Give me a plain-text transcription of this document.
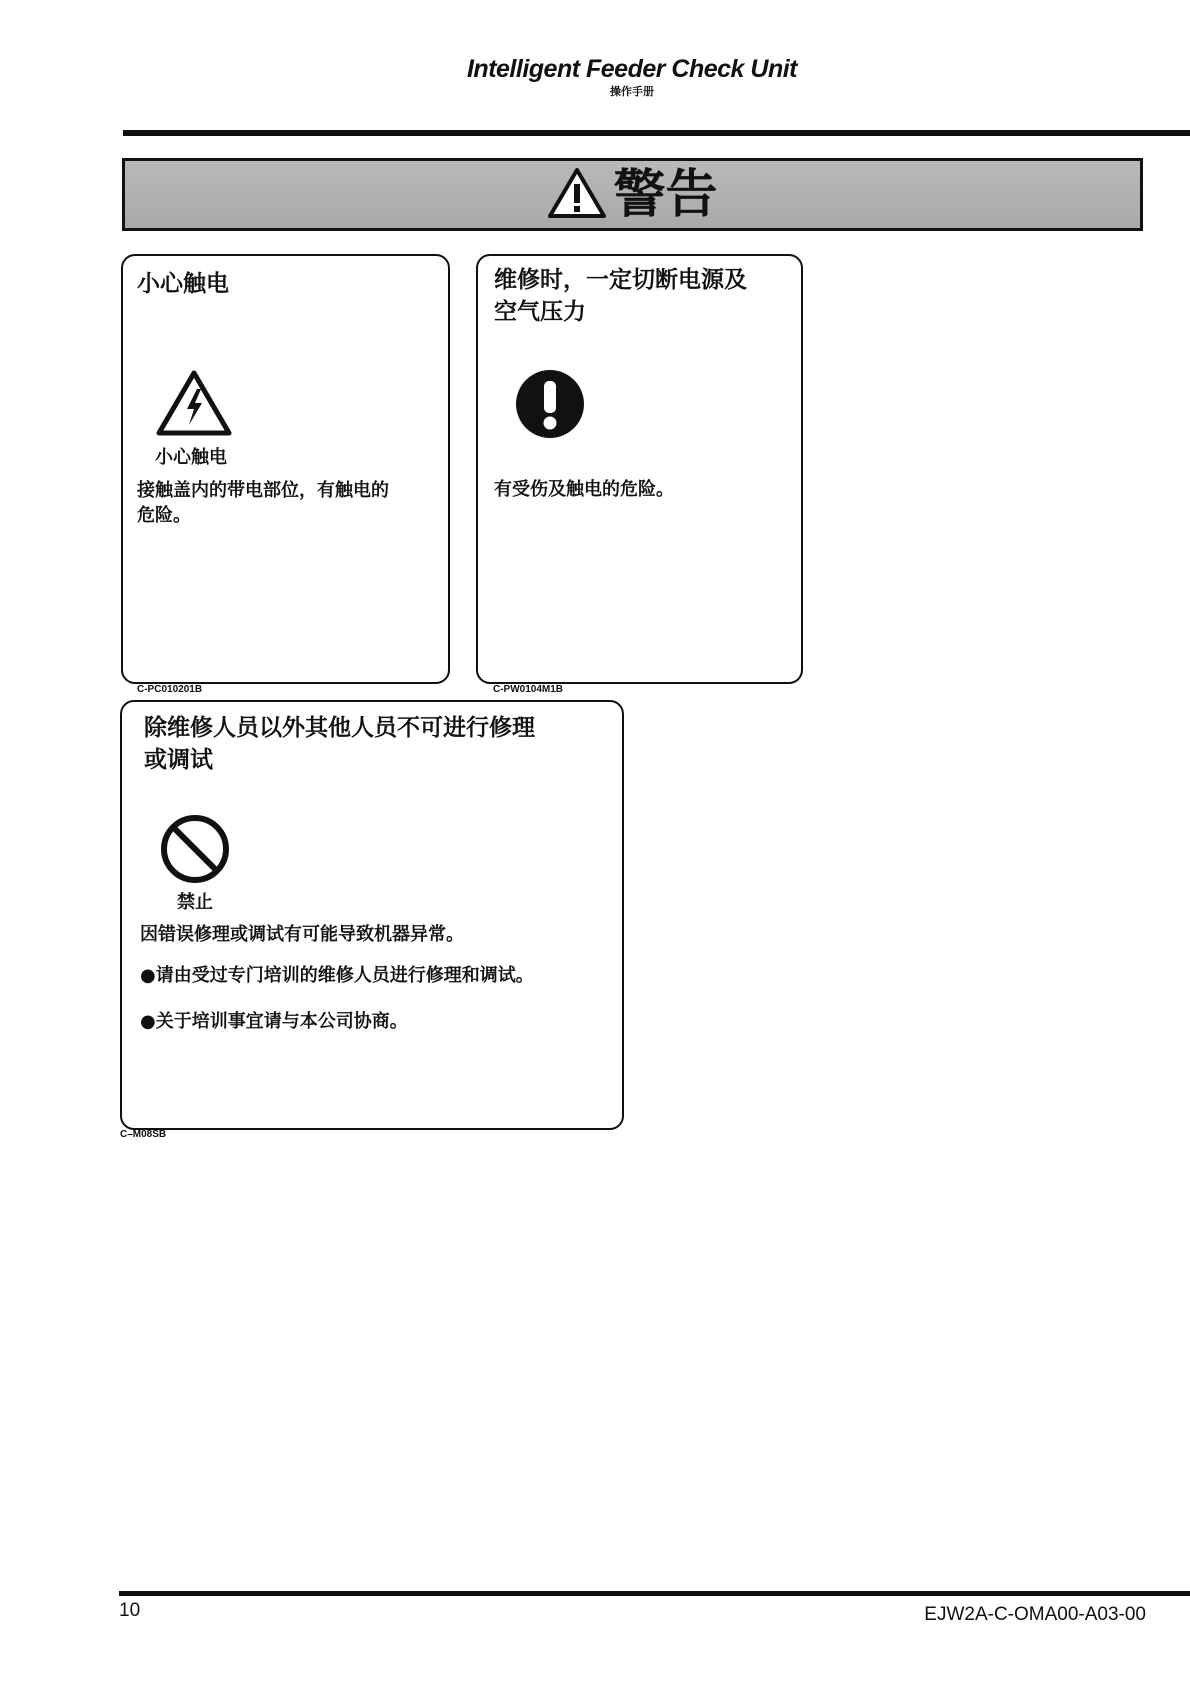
Intelligent Feeder Check Unit
操作手册
警告
小心触电
小心触电
接触盖内的带电部位，有触电的
危险。
C-PC010201B
维修时，一定切断电源及
空气压力
有受伤及触电的危险。
C-PW0104M1B
除维修人员以外其他人员不可进行修理
或调试
禁止
因错误修理或调试有可能导致机器异常。
●请由受过专门培训的维修人员进行修理和调试。
●关于培训事宜请与本公司协商。
C–M08SB
10	EJW2A-C-OMA00-A03-00
